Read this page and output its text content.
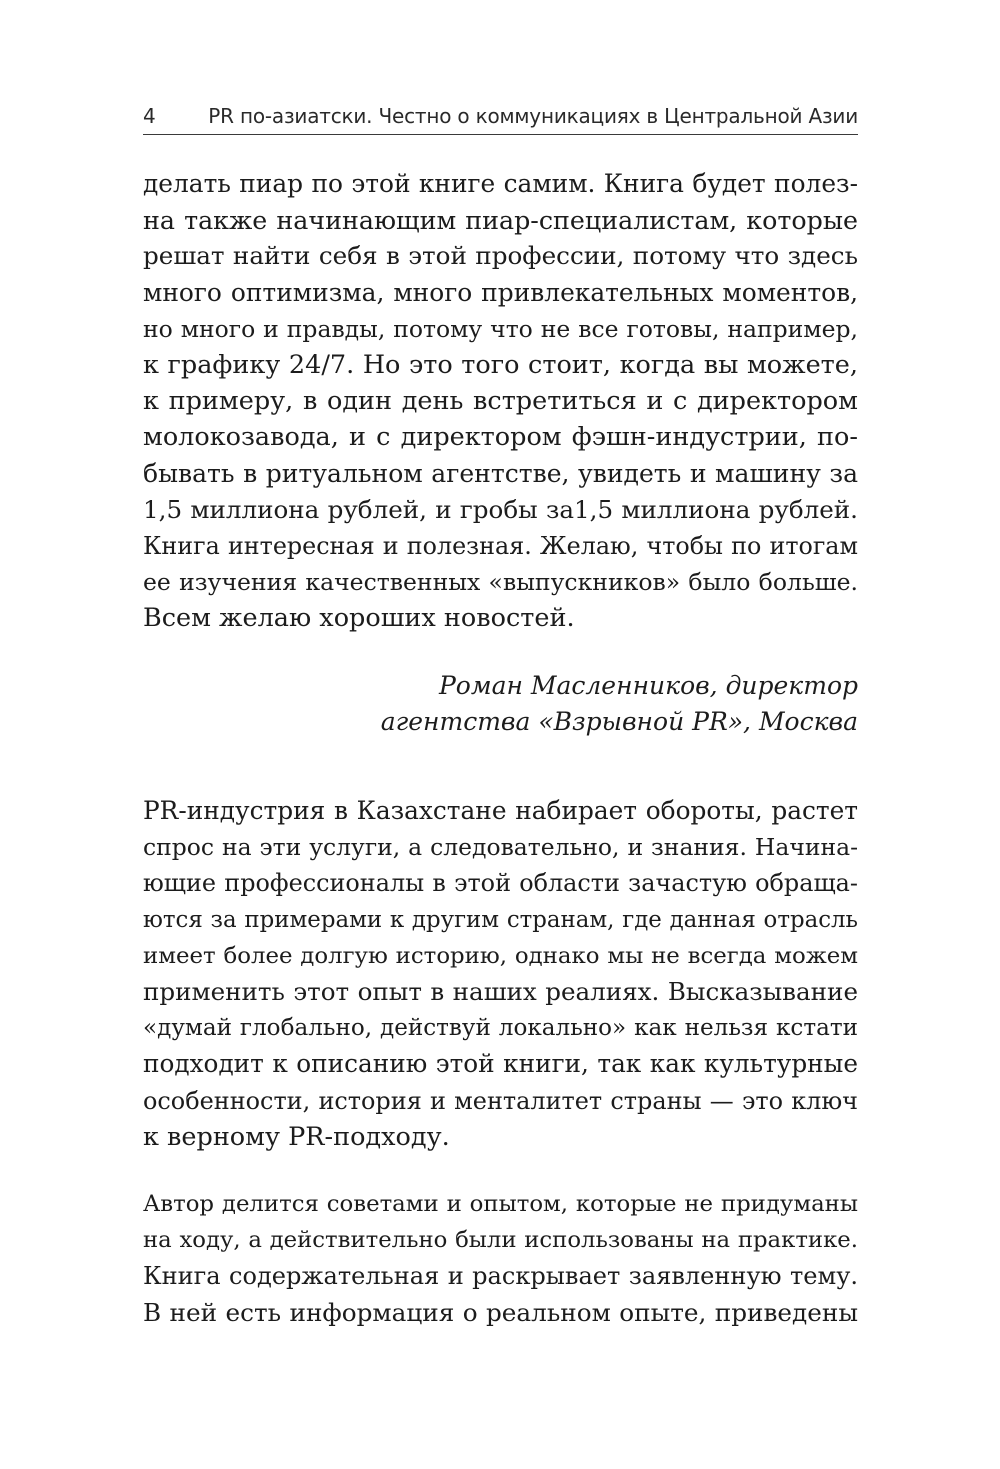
4	PR по-азиатски. Честно о коммуникациях в Центральной Азии
делать пиар по этой книге самим. Книга будет полез-
на также начинающим пиар-специалистам, которые
решат найти себя в этой профессии, потому что здесь
много оптимизма, много привлекательных моментов,
но много и правды, потому что не все готовы, например,
к графику 24/7. Но это того стоит, когда вы можете,
к примеру, в один день встретиться и с директором
молокозавода, и с директором фэшн-индустрии, по-
бывать в ритуальном агентстве, увидеть и машину за
1,5 миллиона рублей, и гробы за1,5 миллиона рублей.
Книга интересная и полезная. Желаю, чтобы по итогам
ее изучения качественных «выпускников» было больше.
Всем желаю хороших новостей.
Роман Масленников, директор
агентства «Взрывной PR», Москва
PR-индустрия в Казахстане набирает обороты, растет
спрос на эти услуги, а следовательно, и знания. Начина-
ющие профессионалы в этой области зачастую обраща-
ются за примерами к другим странам, где данная отрасль
имеет более долгую историю, однако мы не всегда можем
применить этот опыт в наших реалиях. Высказывание
«думай глобально, действуй локально» как нельзя кстати
подходит к описанию этой книги, так как культурные
особенности, история и менталитет страны — это ключ
к верному PR-подходу.
Автор делится советами и опытом, которые не придуманы
на ходу, а действительно были использованы на практике.
Книга содержательная и раскрывает заявленную тему.
В ней есть информация о реальном опыте, приведены
